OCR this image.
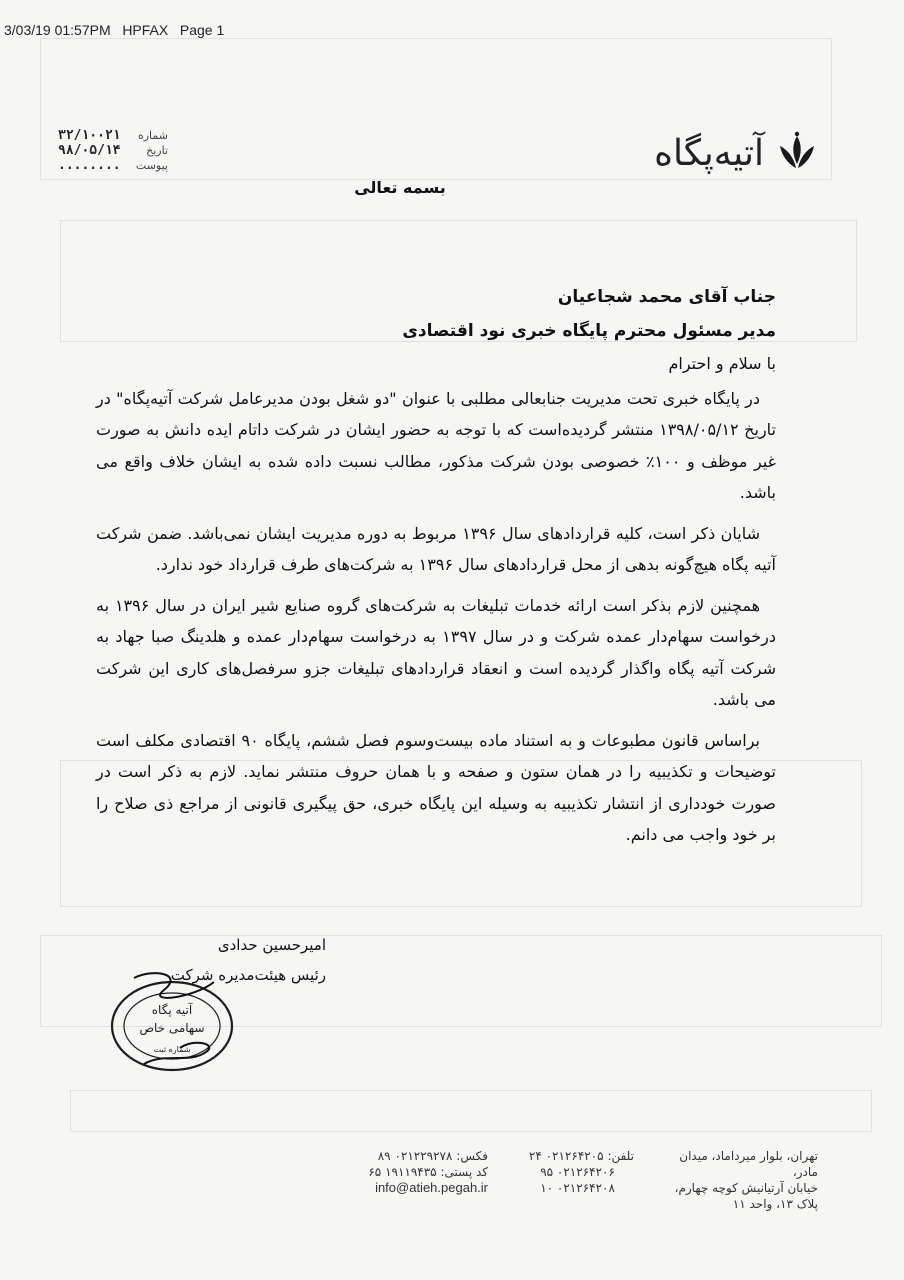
3/03/19 01:57PM HPFAX Page 1
آتیه‌پگاه
شماره
۳۲/۱۰۰۲۱
تاریخ
۹۸/۰۵/۱۴
پیوست
........
بسمه تعالی

جناب آقای محمد شجاعیان

مدیر مسئول محترم پایگاه خبری نود اقتصادی

با سلام و احترام

در پایگاه خبری تحت مدیریت جنابعالی مطلبی با عنوان "دو شغل بودن مدیرعامل شرکت آتیه‌پگاه" در تاریخ ۱۳۹۸/۰۵/۱۲ منتشر گردیده‌است که با توجه به حضور ایشان در شرکت داتام ایده دانش به صورت غیر موظف و ۱۰۰٪ خصوصی بودن شرکت مذکور، مطالب نسبت داده شده به ایشان خلاف واقع می باشد.

شایان ذکر است، کلیه قراردادهای سال ۱۳۹۶ مربوط به دوره مدیریت ایشان نمی‌باشد. ضمن شرکت آتیه پگاه هیچ‌گونه بدهی از محل قراردادهای سال ۱۳۹۶ به شرکت‌های طرف قرارداد خود ندارد.

همچنین لازم بذکر است ارائه خدمات تبلیغات به شرکت‌های گروه صنایع شیر ایران در سال ۱۳۹۶ به درخواست سهام‌دار عمده شرکت و در سال ۱۳۹۷ به درخواست سهام‌دار عمده و هلدینگ صبا جهاد به شرکت آتیه پگاه واگذار گردیده است و انعقاد قراردادهای تبلیغات جزو سرفصل‌های کاری این شرکت می باشد.

براساس قانون مطبوعات و به استناد ماده بیست‌وسوم فصل ششم، پایگاه ۹۰ اقتصادی مکلف است توضیحات و تکذیبیه را در همان ستون و صفحه و با همان حروف منتشر نماید. لازم به ذکر است در صورت خودداری از انتشار تکذیبیه به وسیله این پایگاه خبری، حق پیگیری قانونی از مراجع ذی صلاح را بر خود واجب می دانم.

امیرحسین حدادی
رئیس هیئت‌مدیره شرکت
آتیه پگاه
سهامی خاص
شماره ثبت
تهران، بلوار میرداماد، میدان مادر،
خیابان آرتیانیش کوچه چهارم،
پلاک ۱۳، واحد ۱۱
تلفن: ۰۲۱۲۶۴۲۰۵ ۲۴
۰۲۱۲۶۴۲۰۶ ۹۵
۰۲۱۲۶۴۲۰۸ ۱۰
فکس: ۰۲۱۲۲۹۲۷۸ ۸۹
کد پستی: ۱۹۱۱۹۴۳۵ ۶۵
info@atieh.pegah.ir
